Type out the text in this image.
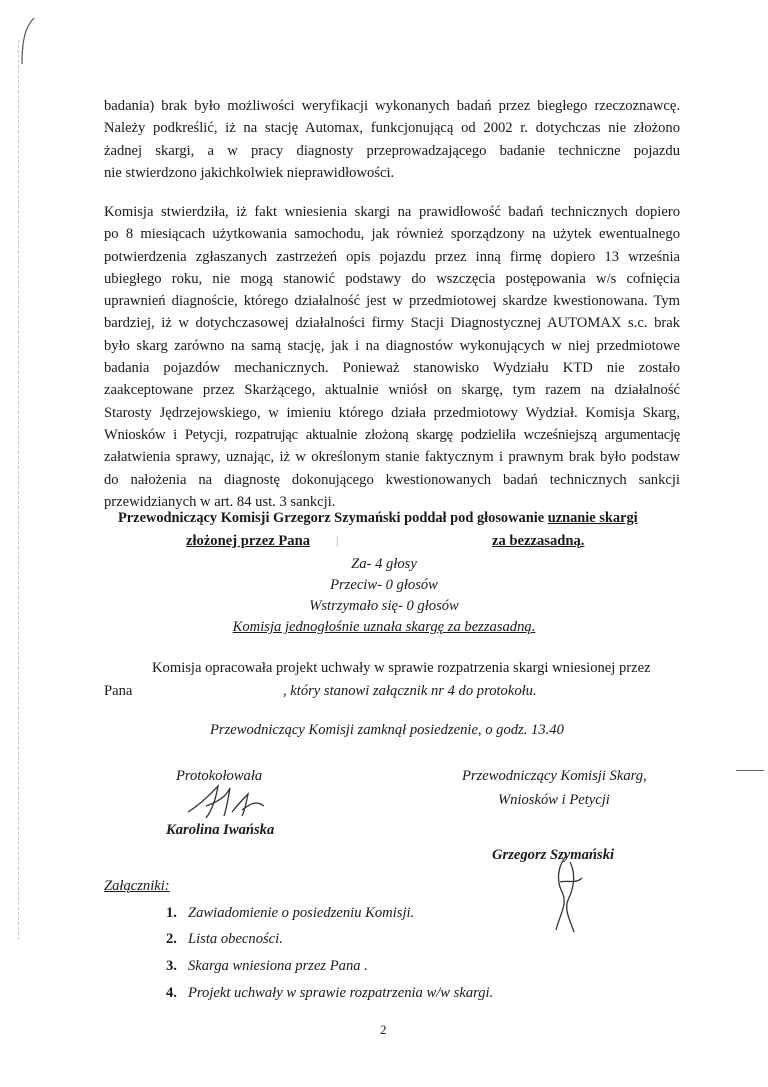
badania) brak było możliwości weryfikacji wykonanych badań przez biegłego rzeczoznawcę.
Należy podkreślić, iż na stację Automax, funkcjonującą od 2002 r. dotychczas nie złożono
żadnej skargi, a w pracy diagnosty przeprowadzającego badanie techniczne pojazdu
nie stwierdzono jakichkolwiek nieprawidłowości.
Komisja stwierdziła, iż fakt wniesienia skargi na prawidłowość badań technicznych dopiero
po 8 miesiącach użytkowania samochodu, jak również sporządzony na użytek ewentualnego
potwierdzenia zgłaszanych zastrzeżeń opis pojazdu przez inną firmę dopiero 13 września
ubiegłego roku, nie mogą stanowić podstawy do wszczęcia postępowania w/s cofnięcia
uprawnień diagnoście, którego działalność jest w przedmiotowej skardze kwestionowana. Tym
bardziej, iż w dotychczasowej działalności firmy Stacji Diagnostycznej AUTOMAX s.c. brak
było skarg zarówno na samą stację, jak i na diagnostów wykonujących w niej przedmiotowe
badania pojazdów mechanicznych. Ponieważ stanowisko Wydziału KTD nie zostało
zaakceptowane przez Skarżącego, aktualnie wniósł on skargę, tym razem na działalność
Starosty Jędrzejowskiego, w imieniu którego działa przedmiotowy Wydział. Komisja Skarg,
Wniosków i Petycji, rozpatrując aktualnie złożoną skargę podzieliła wcześniejszą argumentację
załatwienia sprawy, uznając, iż w określonym stanie faktycznym i prawnym brak było podstaw
do nałożenia na diagnostę dokonującego kwestionowanych badań technicznych sankcji
przewidzianych w art. 84 ust. 3 sankcji.
Przewodniczący Komisji Grzegorz Szymański poddał pod głosowanie uznanie skargi
złożonej przez Pana |	za bezzasadną.
Za- 4 głosy
Przeciw- 0 głosów
Wstrzymało się- 0 głosów
Komisja jednogłośnie uznała skargę za bezzasadną.
Komisja opracowała projekt uchwały w sprawie rozpatrzenia skargi wniesionej przez
Pana	, który stanowi załącznik nr 4 do protokołu.
Przewodniczący Komisji zamknął posiedzenie, o godz. 13.40
Protokołowała
Karolina Iwańska
Przewodniczący Komisji Skarg,
Wniosków i Petycji
Grzegorz Szymański
Załączniki:
1. Zawiadomienie o posiedzeniu Komisji.
2. Lista obecności.
3. Skarga wniesiona przez Pana .
4. Projekt uchwały w sprawie rozpatrzenia w/w skargi.
2
